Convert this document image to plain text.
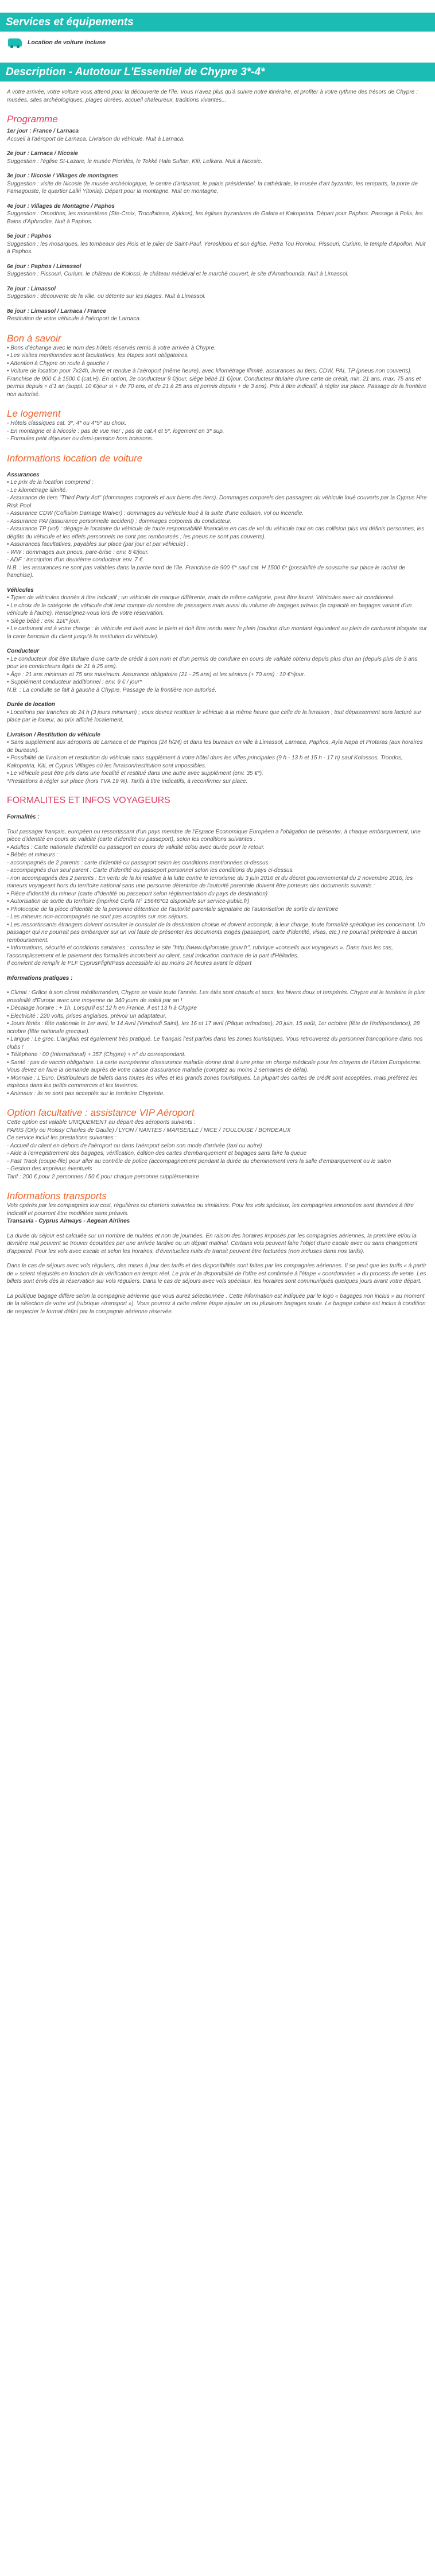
Services et équipements
Location de voiture incluse
Description - Autotour L'Essentiel de Chypre 3*-4*

A votre arrivée, votre voiture vous attend pour la découverte de l'île. Vous n'avez plus qu'à suivre notre itinéraire, et profiter à votre rythme des trésors de Chypre : musées, sites archéologiques, plages dorées, accueil chaleureux, traditions vivantes...

Programme

1er jour : France / Larnaca

Accueil à l'aéroport de Larnaca. Livraison du véhicule. Nuit à Larnaca.

2e jour : Larnaca / Nicosie

Suggestion : l'église St-Lazare, le musée Pieridès, le Tekké Hala Sultan, Kiti, Lefkara. Nuit à Nicosie.

3e jour : Nicosie / Villages de montagnes

Suggestion : visite de Nicosie (le musée archéologique, le centre d'artisanat, le palais présidentiel, la cathédrale, le musée d'art byzantin, les remparts, la porte de Famagouste, le quartier Laiki Yitonia). Départ pour la montagne. Nuit en montagne.

4e jour : Villages de Montagne / Paphos

Suggestion : Omodhos, les monastères (Ste-Croix, Troodhitissa, Kykkos), les églises byzantines de Galata et Kakopetria. Départ pour Paphos. Passage à Polis, les Bains d'Aphrodite. Nuit à Paphos.

5e jour : Paphos

Suggestion : les mosaïques, les tombeaux des Rois et le pilier de Saint-Paul. Yeroskipou et son église. Petra Tou Romiou, Pissouri, Curium, le temple d'Apollon. Nuit à Paphos.

6e jour : Paphos / Limassol

Suggestion : Pissouri, Curium, le château de Kolossi, le château médiéval et le marché couvert, le site d'Amathounda. Nuit à Limassol.

7e jour : Limassol

Suggestion : découverte de la ville, ou détente sur les plages. Nuit à Limassol.

8e jour : Limassol / Larnaca / France

Restitution de votre véhicule à l'aéroport de Larnaca.

Bon à savoir
• Bons d'échange avec le nom des hôtels réservés remis à votre arrivée à Chypre.
• Les visites mentionnées sont facultatives, les étapes sont obligatoires.
• Attention à Chypre on roule à gauche !
• Voiture de location pour 7x24h, livrée et rendue à l'aéroport (même heure), avec kilométrage illimité, assurances au tiers, CDW, PAI, TP (pneus non couverts). Franchise de 900 € à 1500 € (cat.H). En option, 2e conducteur 9 €/jour, siège bébé 11 €/jour. Conducteur titulaire d'une carte de crédit, min. 21 ans, max. 75 ans et permis depuis + d'1 an (suppl. 10 €/jour si + de 70 ans, et de 21 à 25 ans et permis depuis + de 3 ans). Prix à titre indicatif, à régler sur place. Passage de la frontière non autorisé.
Le logement
- Hôtels classiques cat. 3*, 4* ou 4*5* au choix.
- En montagne et à Nicosie : pas de vue mer ; pas de cat.4 et 5*, logement en 3* sup.
- Formules petit déjeuner ou demi-pension hors boissons.
Informations location de voiture

Assurances

• Le prix de la location comprend :
- Le kilométrage illimité.
- Assurance de tiers "Third Party Act" (dommages corporels et aux biens des tiers). Dommages corporels des passagers du véhicule loué couverts par la Cyprus Hire Risk Pool
- Assurance CDW (Collision Damage Waiver) : dommages au véhicule loué à la suite d'une collision, vol ou incendie.
- Assurance PAI (assurance personnelle accident) : dommages corporels du conducteur.
- Assurance TP (vol) : dégage le locataire du véhicule de toute responsabilité financière en cas de vol du véhicule tout en cas collision plus vol définis personnes, les dégâts du véhicule et les effets personnels ne sont pas remboursés ; les pneus ne sont pas couverts).
• Assurances facultatives, payables sur place (par jour et par véhicule) :
- WW : dommages aux pneus, pare-brise : env. 8 €/jour.
- ADF : inscription d'un deuxième conducteur env. 7 €.
N.B. : les assurances ne sont pas valables dans la partie nord de l'île. Franchise de 900 €* sauf cat. H 1500 €* (possibilité de souscrire sur place le rachat de franchise).

Véhicules

• Types de véhicules donnés à titre indicatif ; un véhicule de marque différente, mais de même catégorie, peut être fourni. Véhicules avec air conditionné.
• Le choix de la catégorie de véhicule doit tenir compte du nombre de passagers mais aussi du volume de bagages prévus (la capacité en bagages variant d'un véhicule à l'autre). Renseignez-vous lors de votre réservation.
• Siège bébé : env. 11€* jour.
• Le carburant est à votre charge : le véhicule est livré avec le plein et doit être rendu avec le plein (caution d'un montant équivalent au plein de carburant bloquée sur la carte bancaire du client jusqu'à la restitution du véhicule).

Conducteur

• Le conducteur doit être titulaire d'une carte de crédit à son nom et d'un permis de conduire en cours de validité obtenu depuis plus d'un an (depuis plus de 3 ans pour les conducteurs âgés de 21 à 25 ans).
• Âge : 21 ans minimum et 75 ans maximum. Assurance obligatoire (21 - 25 ans) et les séniors (+ 70 ans) : 10 €*/jour.
• Supplément conducteur additionnel : env. 9 € / jour*
N.B. : La conduite se fait à gauche à Chypre. Passage de la frontière non autorisé.

Durée de location

• Locations par tranches de 24 h (3 jours minimum) ; vous devrez restituer le véhicule à la même heure que celle de la livraison ; tout dépassement sera facturé sur place par le loueur, au prix affiché localement.

Livraison / Restitution du véhicule

• Sans supplément aux aéroports de Larnaca et de Paphos (24 h/24) et dans les bureaux en ville à Limassol, Larnaca, Paphos, Ayia Napa et Protaras (aux horaires de bureaux).
• Possibilité de livraison et restitution du véhicule sans supplément à votre hôtel dans les villes principales (9 h - 13 h et 15 h - 17 h) sauf Kolossos, Troodos, Kakopetria, Kiti, et Cyprus Villages où les livraison/restitution sont impossibles.
• Le véhicule peut être pris dans une localité et restitué dans une autre avec supplément (env. 35 €*).
*Prestations à régler sur place (hors TVA 19 %). Tarifs à titre indicatifs, à reconfirmer sur place.
FORMALITES ET INFOS VOYAGEURS

Formalités :

Tout passager français, européen ou ressortissant d'un pays membre de l'Espace Economique Européen a l'obligation de présenter, à chaque embarquement, une pièce d'identité en cours de validité (carte d'identité ou passeport), selon les conditions suivantes :
• Adultes : Carte nationale d'identité ou passeport en cours de validité et/ou avec durée pour le retour.
• Bébés et mineurs :
- accompagnés de 2 parents : carte d'identité ou passeport selon les conditions mentionnées ci-dessus.
- accompagnés d'un seul parent : Carte d'identité ou passeport personnel selon les conditions du pays ci-dessus.
- non accompagnés des 2 parents : En vertu de la loi relative à la lutte contre le terrorisme du 3 juin 2016 et du décret gouvernemental du 2 novembre 2016, les mineurs voyageant hors du territoire national sans une personne détentrice de l'autorité parentale doivent être porteurs des documents suivants :
• Pièce d'identité du mineur (carte d'identité ou passeport selon réglementation du pays de destination)
• Autorisation de sortie du territoire (imprimé Cerfa N° 15646*01 disponible sur service-public.fr)
• Photocopie de la pièce d'identité de la personne détentrice de l'autorité parentale signataire de l'autorisation de sortie du territoire
- Les mineurs non-accompagnés ne sont pas acceptés sur nos séjours.
• Les ressortissants étrangers doivent consulter le consulat de la destination choisie et doivent accomplir, à leur charge, toute formalité spécifique les concernant. Un passager qui ne pourrait pas embarquer sur un vol faute de présenter les documents exigés (passeport, carte d'identité, visas, etc.) ne pourrait prétendre à aucun remboursement.
• Informations, sécurité et conditions sanitaires : consultez le site "http://www.diplomatie.gouv.fr", rubrique «conseils aux voyageurs ». Dans tous les cas, l'accomplissement et le paiement des formalités incombent au client, sauf indication contraire de la part d'Héliades.
Il convient de remplir le PLF CyprusFlightPass accessible ici au moins 24 heures avant le départ

Informations pratiques :

• Climat : Grâce à son climat méditerranéen, Chypre se visite toute l'année. Les étés sont chauds et secs, les hivers doux et tempérés. Chypre est le territoire le plus ensoleillé d'Europe avec une moyenne de 340 jours de soleil par an !
• Décalage horaire : + 1h. Lorsqu'il est 12 h en France, il est 13 h à Chypre
• Electricité : 220 volts, prises anglaises, prévoir un adaptateur.
• Jours fériés : fête nationale le 1er avril, le 14 Avril (Vendredi Saint), les 16 et 17 avril (Pâque orthodoxe), 20 juin, 15 août, 1er octobre (fête de l'indépendance), 28 octobre (fête nationale grecque).
• Langue : Le grec. L'anglais est également très pratiqué. Le français l'est parfois dans les zones touristiques. Vous retrouverez du personnel francophone dans nos clubs !
• Téléphone : 00 (International) + 357 (Chypre) + n° du correspondant.
• Santé : pas de vaccin obligatoire. La carte européenne d'assurance maladie donne droit à une prise en charge médicale pour les citoyens de l'Union Européenne. Vous devez en faire la demande auprès de votre caisse d'assurance maladie (comptez au moins 2 semaines de délai).
• Monnaie : L'Euro. Distributeurs de billets dans toutes les villes et les grands zones touristiques. La plupart des cartes de crédit sont acceptées, mais préférez les espèces dans les petits commerces et les tavernes.
• Animaux : ils ne sont pas acceptés sur le territoire Chypriote.
Option facultative : assistance VIP Aéroport
Cette option est valable UNIQUEMENT au départ des aéroports suivants :
PARIS (Orly ou Roissy Charles de Gaulle) / LYON / NANTES / MARSEILLE / NICE / TOULOUSE / BORDEAUX
Ce service inclut les prestations suivantes :
- Accueil du client en dehors de l'aéroport ou dans l'aéroport selon son mode d'arrivée (taxi ou autre)
- Aide à l'enregistrement des bagages, vérification, édition des cartes d'embarquement et bagages sans faire la queue
- Fast Track (coupe-file) pour aller au contrôle de police (accompagnement pendant la durée du cheminement vers la salle d'embarquement ou le salon
- Gestion des imprévus éventuels
Tarif : 200 € pour 2 personnes / 50 € pour chaque personne supplémentaire
Informations transports
Vols opérés par les compagnies low cost, régulières ou charters suivantes ou similaires. Pour les vols spéciaux, les compagnies annoncées sont données à titre indicatif et pourront être modifiées sans préavis.
Transavia - Cyprus Airways - Aegean Airlines

La durée du séjour est calculée sur un nombre de nuitées et non de journées. En raison des horaires imposés par les compagnies aériennes, la première et/ou la dernière nuit peuvent se trouver écourtées par une arrivée tardive ou un départ matinal. Certains vols peuvent faire l'objet d'une escale avec ou sans changement d'appareil. Pour les vols avec escale et selon les horaires, d'éventuelles nuits de transit peuvent être facturées (non incluses dans nos tarifs).

Dans le cas de séjours avec vols réguliers, des mises à jour des tarifs et des disponibilités sont faites par les compagnies aériennes. Il se peut que les tarifs « à partir de » soient réajustés en fonction de la vérification en temps réel. Le prix et la disponibilité de l'offre est confirmée à l'étape « coordonnées » du process de vente. Les billets sont émis dès la réservation sur vols réguliers. Dans le cas de séjours avec vols spéciaux, les horaires sont communiqués quelques jours avant votre départ.

La politique bagage diffère selon la compagnie aérienne que vous aurez sélectionnée . Cette information est indiquée par le logo « bagages non inclus » au moment de la sélection de votre vol (rubrique «transport »). Vous pourrez à cette même étape ajouter un ou plusieurs bagages soute. Le bagage cabine est inclus à condition de respecter le format défini par la compagnie aérienne réservée.
